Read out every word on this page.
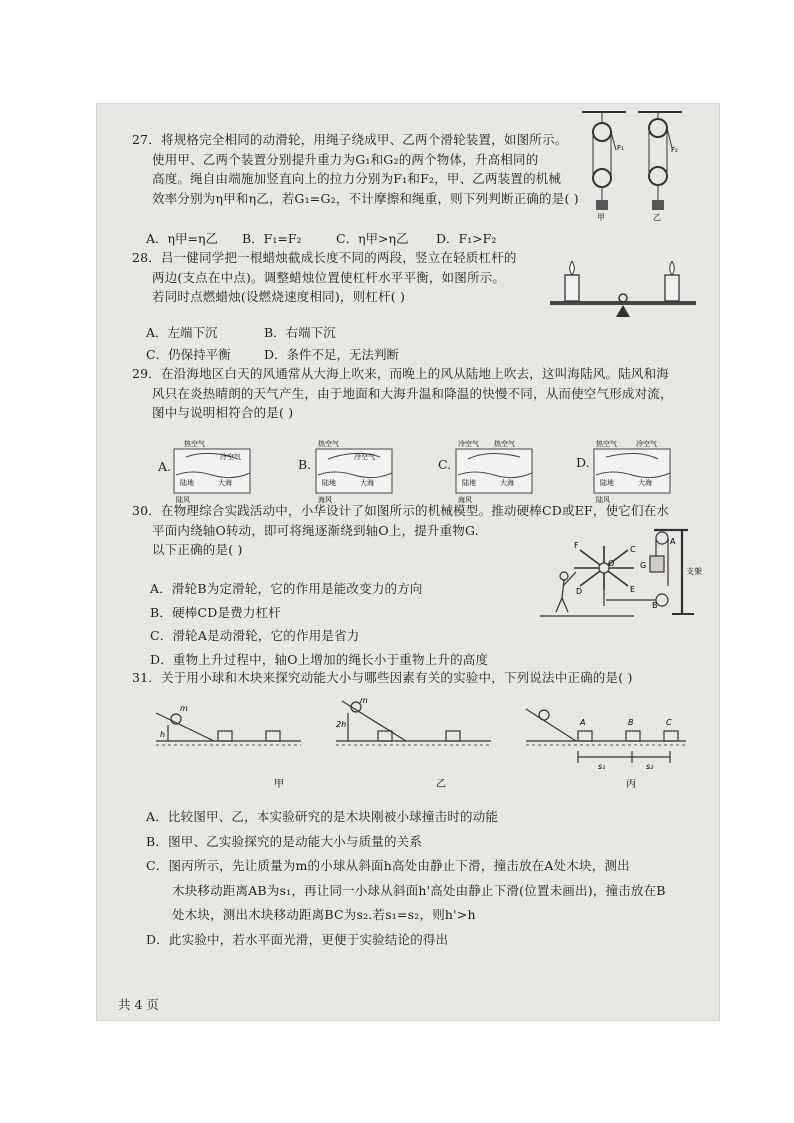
27．将规格完全相同的动滑轮，用绳子绕成甲、乙两个滑轮装置，如图所示。
使用甲、乙两个装置分别提升重力为G₁和G₂的两个物体，升高相同的
高度。绳自由端施加竖直向上的拉力分别为F₁和F₂，甲、乙两装置的机械
效率分别为η甲和η乙，若G₁=G₂，不计摩擦和绳重，则下列判断正确的是( )
A．η甲=η乙 B．F₁=F₂	C．η甲>η乙 D．F₁>F₂
F₁	F₂
甲	乙
28．吕一健同学把一根蜡烛截成长度不同的两段，竖立在轻质杠杆的
两边(支点在中点)。调整蜡烛位置使杠杆水平平衡，如图所示。
若同时点燃蜡烛(设燃烧速度相同)，则杠杆( )
A．左端下沉	B．右端下沉
C．仍保持平衡	D．条件不足，无法判断
29．在沿海地区白天的风通常从大海上吹来，而晚上的风从陆地上吹去，这叫海陆风。陆风和海
风只在炎热晴朗的天气产生，由于地面和大海升温和降温的快慢不同，从而使空气形成对流，
图中与说明相符合的是( )
A.	B.	C.	D.
热空气
冷空气
陆地	大海
陆风
热空气
冷空气
陆地	大海
海风
冷空气 热空气
陆地	大海
海风
热空气	冷空气
陆地	大海
陆风
30．在物理综合实践活动中，小华设计了如图所示的机械模型。推动硬棒CD或EF，使它们在水
平面内绕轴O转动，即可将绳逐渐绕到轴O上，提升重物G.
以下正确的是( )
A．滑轮B为定滑轮，它的作用是能改变力的方向
B．硬棒CD是费力杠杆
C．滑轮A是动滑轮，它的作用是省力
D．重物上升过程中，轴O上增加的绳长小于重物上升的高度
A
G
B
支架
C
D	E
F
O
31．关于用小球和木块来探究动能大小与哪些因素有关的实验中，下列说法中正确的是( )
m
h
m
2h	A	B	C
s₁	s₂
甲	乙	丙
A．比较图甲、乙，本实验研究的是木块刚被小球撞击时的动能
B．图甲、乙实验探究的是动能大小与质量的关系
C．图丙所示，先让质量为m的小球从斜面h高处由静止下滑，撞击放在A处木块，测出
木块移动距离AB为s₁，再让同一小球从斜面h'高处由静止下滑(位置未画出)，撞击放在B
处木块，测出木块移动距离BC为s₂.若s₁=s₂，则h'>h
D．此实验中，若水平面光滑，更便于实验结论的得出
共 4 页
